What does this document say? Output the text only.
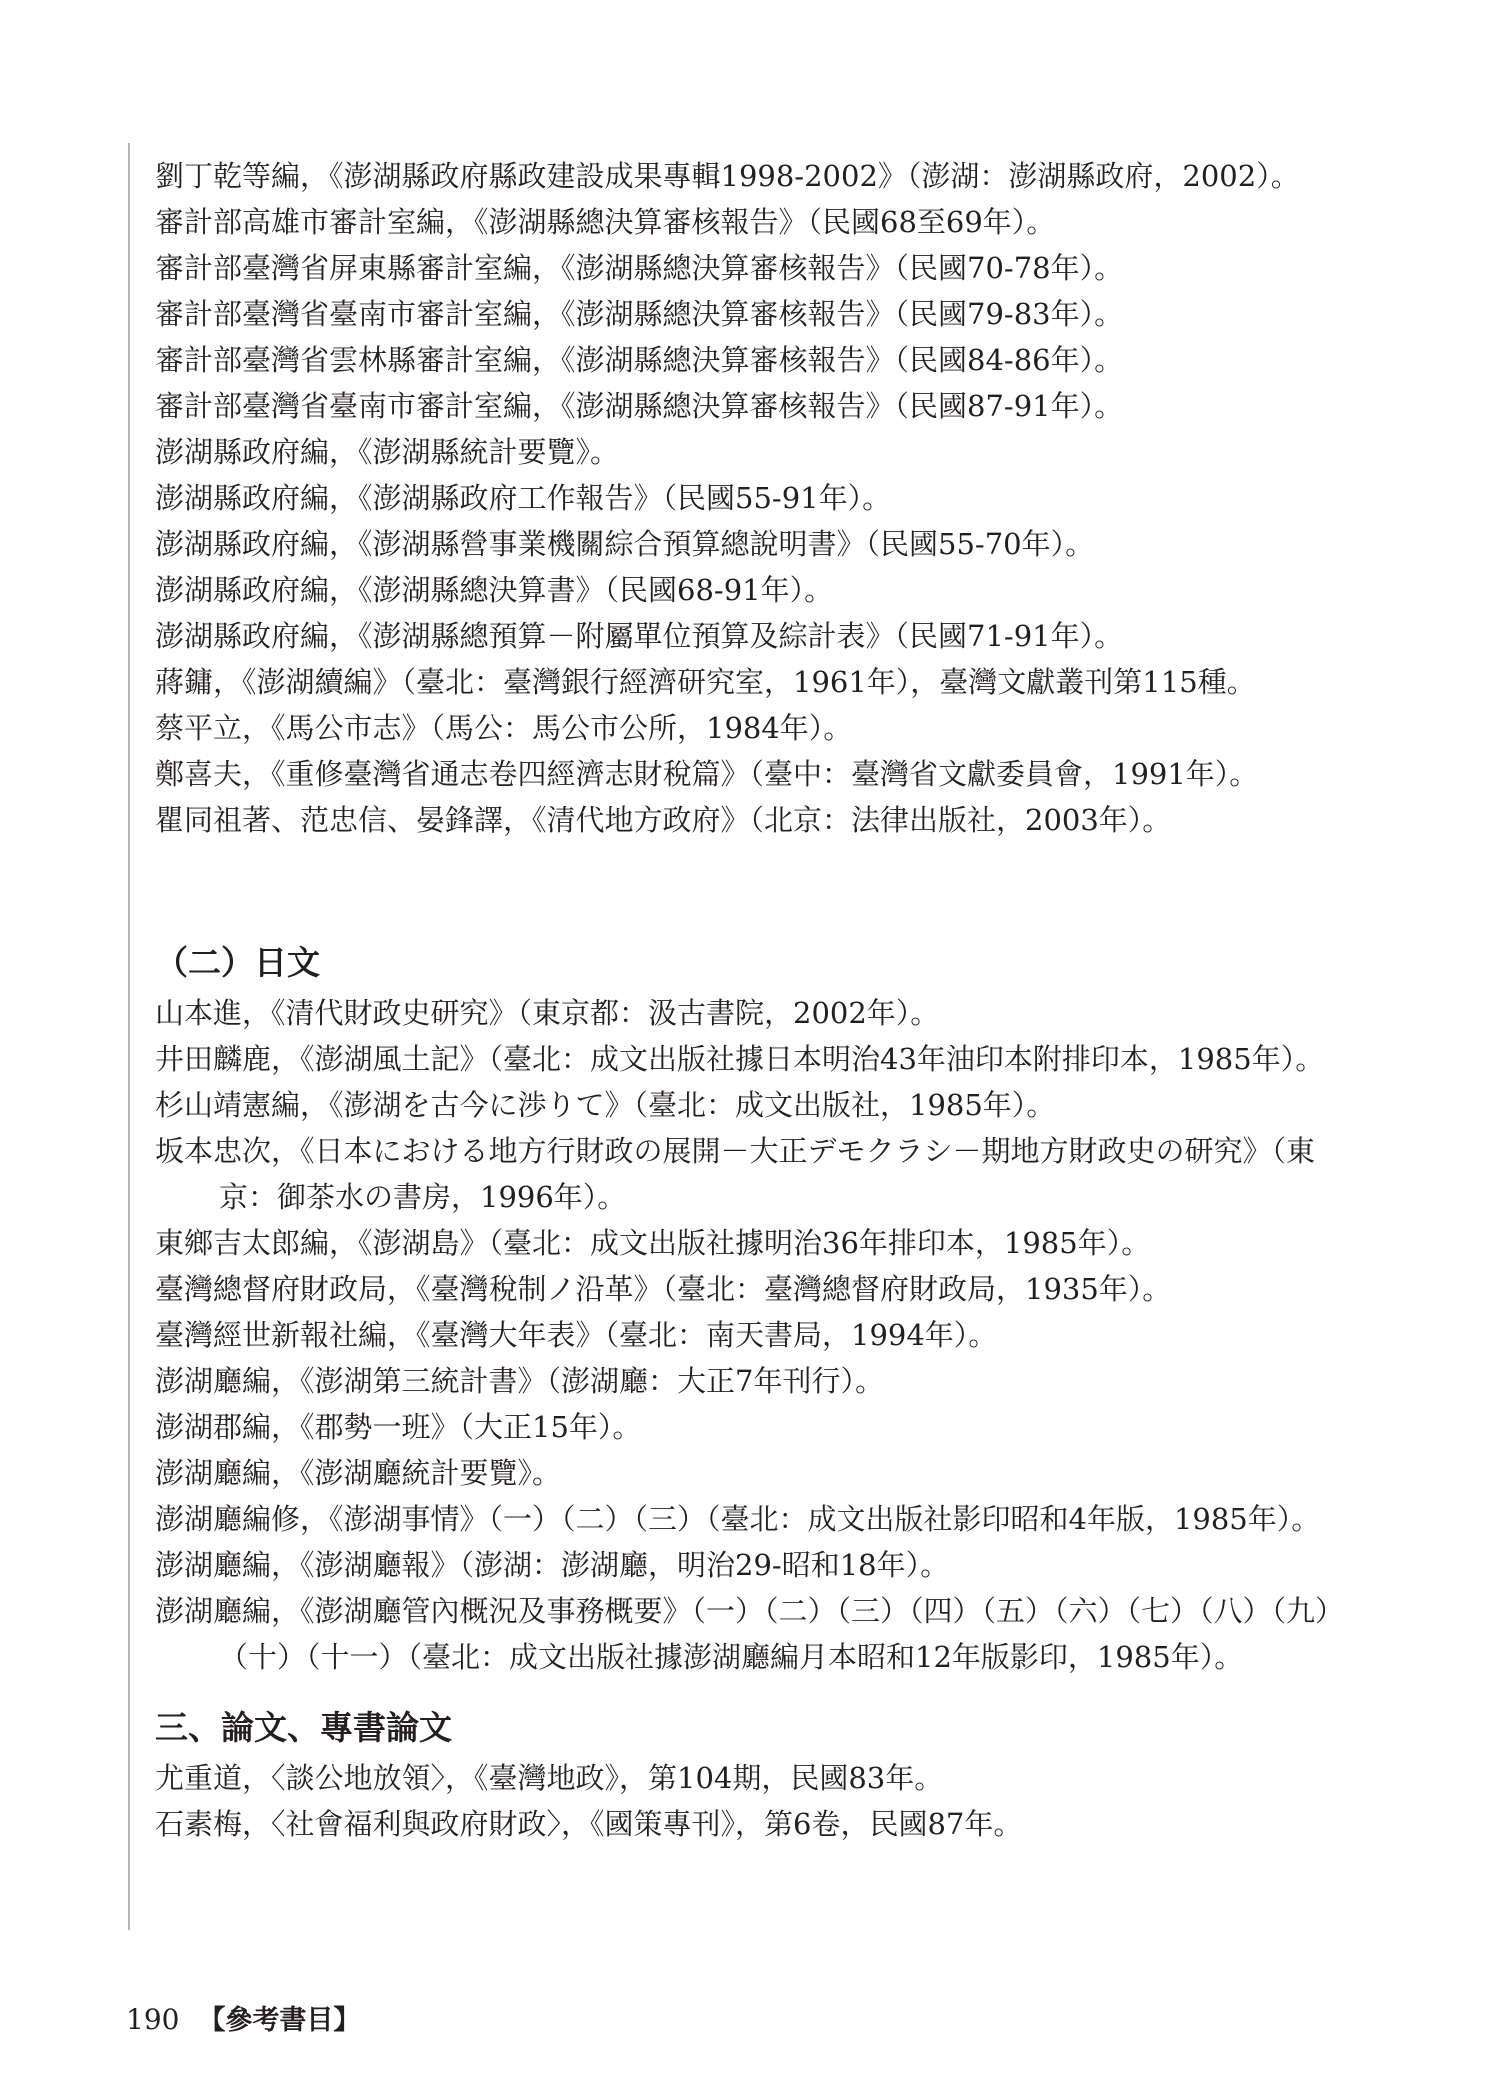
劉丁乾等編，《澎湖縣政府縣政建設成果專輯1998-2002》（澎湖：澎湖縣政府，2002）。

審計部高雄市審計室編，《澎湖縣總決算審核報告》（民國68至69年）。

審計部臺灣省屏東縣審計室編，《澎湖縣總決算審核報告》（民國70-78年）。

審計部臺灣省臺南市審計室編，《澎湖縣總決算審核報告》（民國79-83年）。

審計部臺灣省雲林縣審計室編，《澎湖縣總決算審核報告》（民國84-86年）。

審計部臺灣省臺南市審計室編，《澎湖縣總決算審核報告》（民國87-91年）。

澎湖縣政府編，《澎湖縣統計要覽》。

澎湖縣政府編，《澎湖縣政府工作報告》（民國55-91年）。

澎湖縣政府編，《澎湖縣營事業機關綜合預算總說明書》（民國55-70年）。

澎湖縣政府編，《澎湖縣總決算書》（民國68-91年）。

澎湖縣政府編，《澎湖縣總預算－附屬單位預算及綜計表》（民國71-91年）。

蔣鏞，《澎湖續編》（臺北：臺灣銀行經濟研究室，1961年），臺灣文獻叢刊第115種。

蔡平立，《馬公市志》（馬公：馬公市公所，1984年）。

鄭喜夫，《重修臺灣省通志卷四經濟志財稅篇》（臺中：臺灣省文獻委員會，1991年）。

瞿同祖著、范忠信、晏鋒譯，《清代地方政府》（北京：法律出版社，2003年）。

（二）日文

山本進，《清代財政史研究》（東京都：汲古書院，2002年）。

井田麟鹿，《澎湖風土記》（臺北：成文出版社據日本明治43年油印本附排印本，1985年）。

杉山靖憲編，《澎湖を古今に渉りて》（臺北：成文出版社，1985年）。

坂本忠次，《日本における地方行財政の展開－大正デモクラシ－期地方財政史の研究》（東京：御茶水の書房，1996年）。

東鄉吉太郎編，《澎湖島》（臺北：成文出版社據明治36年排印本，1985年）。

臺灣總督府財政局，《臺灣稅制ノ沿革》（臺北：臺灣總督府財政局，1935年）。

臺灣經世新報社編，《臺灣大年表》（臺北：南天書局，1994年）。

澎湖廳編，《澎湖第三統計書》（澎湖廳：大正7年刊行）。

澎湖郡編，《郡勢一班》（大正15年）。

澎湖廳編，《澎湖廳統計要覽》。

澎湖廳編修，《澎湖事情》（一）（二）（三）（臺北：成文出版社影印昭和4年版，1985年）。

澎湖廳編，《澎湖廳報》（澎湖：澎湖廳，明治29-昭和18年）。

澎湖廳編，《澎湖廳管內概況及事務概要》（一）（二）（三）（四）（五）（六）（七）（八）（九）（十）（十一）（臺北：成文出版社據澎湖廳編月本昭和12年版影印，1985年）。

三、論文、專書論文

尤重道，〈談公地放領〉，《臺灣地政》，第104期，民國83年。

石素梅，〈社會福利與政府財政〉，《國策專刊》，第6卷，民國87年。

190 【參考書目】
